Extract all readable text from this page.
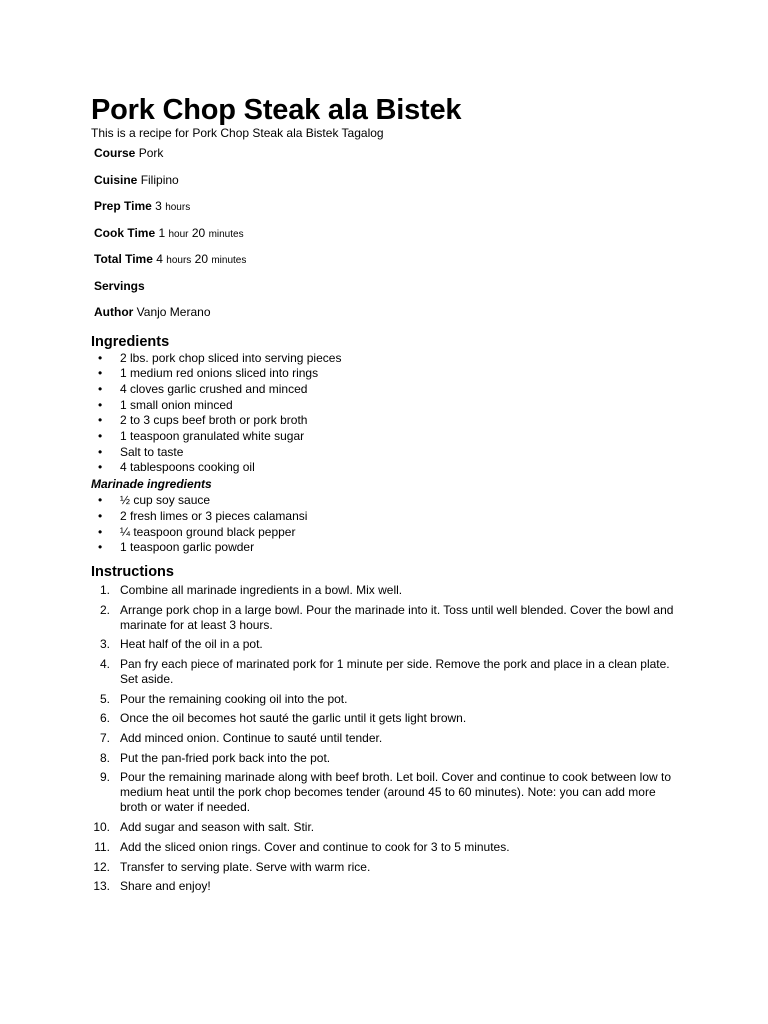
Pork Chop Steak ala Bistek
This is a recipe for Pork Chop Steak ala Bistek Tagalog
Course Pork
Cuisine Filipino
Prep Time 3 hours
Cook Time 1 hour 20 minutes
Total Time 4 hours 20 minutes
Servings
Author Vanjo Merano
Ingredients
• 2 lbs. pork chop sliced into serving pieces
• 1 medium red onions sliced into rings
• 4 cloves garlic crushed and minced
• 1 small onion minced
• 2 to 3 cups beef broth or pork broth
• 1 teaspoon granulated white sugar
• Salt to taste
• 4 tablespoons cooking oil
Marinade ingredients
• ½ cup soy sauce
• 2 fresh limes or 3 pieces calamansi
• ¼ teaspoon ground black pepper
• 1 teaspoon garlic powder
Instructions
1. Combine all marinade ingredients in a bowl. Mix well.
2. Arrange pork chop in a large bowl. Pour the marinade into it. Toss until well blended. Cover the bowl and marinate for at least 3 hours.
3. Heat half of the oil in a pot.
4. Pan fry each piece of marinated pork for 1 minute per side. Remove the pork and place in a clean plate. Set aside.
5. Pour the remaining cooking oil into the pot.
6. Once the oil becomes hot sauté the garlic until it gets light brown.
7. Add minced onion. Continue to sauté until tender.
8. Put the pan-fried pork back into the pot.
9. Pour the remaining marinade along with beef broth. Let boil. Cover and continue to cook between low to medium heat until the pork chop becomes tender (around 45 to 60 minutes). Note: you can add more broth or water if needed.
10. Add sugar and season with salt. Stir.
11. Add the sliced onion rings. Cover and continue to cook for 3 to 5 minutes.
12. Transfer to serving plate. Serve with warm rice.
13. Share and enjoy!
